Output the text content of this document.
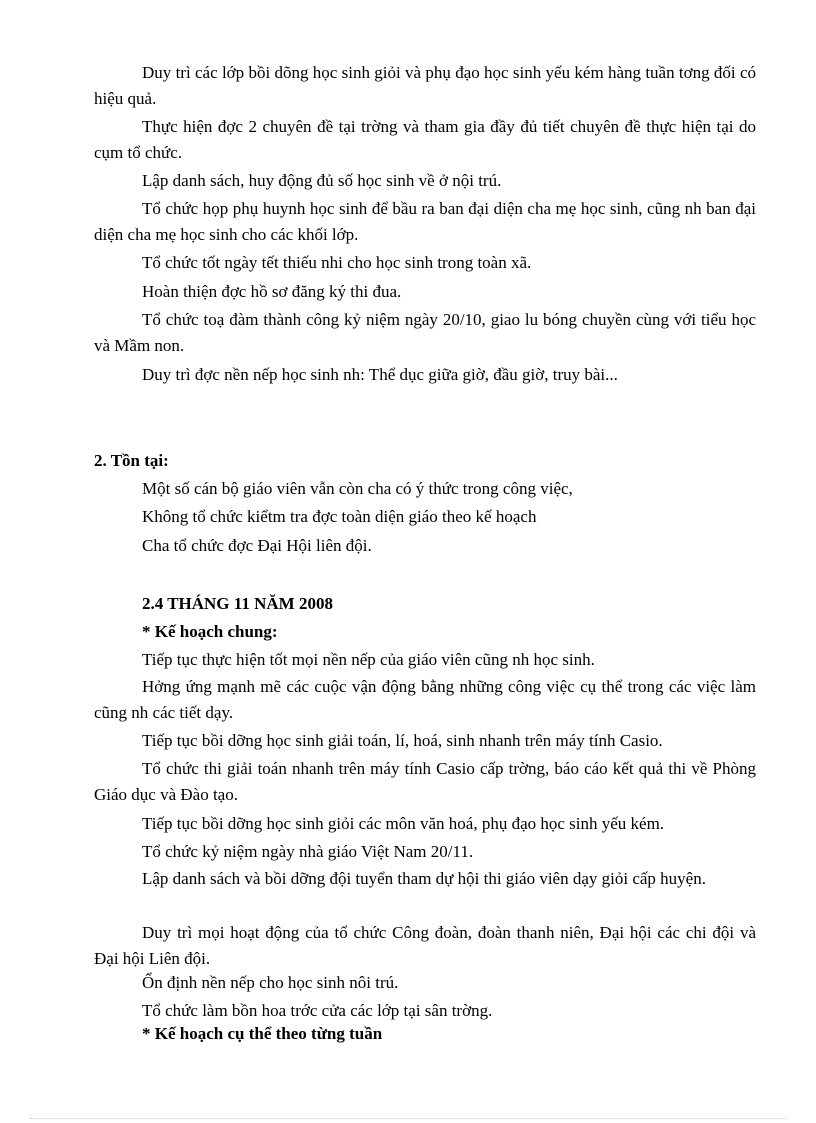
Duy trì các lớp bồi dõng học sinh giỏi và phụ đạo học sinh yếu kém hàng tuần tơng đối có hiệu quả.
Thực hiện đợc 2 chuyên đề tại trờng và tham gia đầy đủ tiết chuyên đề thực hiện tại do cụm tổ chức.
Lập danh sách, huy động đủ số học sinh về ở nội trú.
Tổ chức họp phụ huynh học sinh để bầu ra ban đại diện cha mẹ học sinh, cũng nh ban đại diện cha mẹ học sinh cho các khối lớp.
Tổ chức tốt ngày tết thiếu nhi cho học sinh trong toàn xã.
Hoàn thiện đợc hồ sơ đăng ký thi đua.
Tổ chức toạ đàm thành công kỷ niệm ngày 20/10, giao lu bóng chuyền cùng với tiểu học và Mầm non.
Duy trì đợc nền nếp học sinh nh: Thể dục giữa giờ, đầu giờ, truy bài...
2. Tồn tại:
Một số cán bộ giáo viên vẫn còn cha có ý thức trong công việc,
Không tổ chức kiểtm tra đợc toàn diện giáo theo kế hoạch
Cha tổ chức đợc Đại Hội liên đội.
2.4 THÁNG 11 NĂM 2008
* Kế hoạch chung:
Tiếp tục thực hiện tốt mọi nền nếp của giáo viên cũng nh học sinh.
Hởng ứng mạnh mẽ các cuộc vận động bằng những công việc cụ thể trong các việc làm cũng nh các tiết dạy.
Tiếp tục bồi dỡng học sinh giải toán, lí, hoá, sinh nhanh trên máy tính Casio.
Tổ chức thi giải toán nhanh trên máy tính Casio cấp trờng, báo cáo kết quả thi về Phòng Giáo dục và Đào tạo.
Tiếp tục bồi dỡng học sinh giỏi các môn văn hoá, phụ đạo học sinh yếu kém.
Tổ chức kỷ niệm ngày nhà giáo Việt Nam 20/11.
Lập danh sách và bồi dỡng đội tuyển tham dự hội thi giáo viên dạy giỏi cấp huyện.
Duy trì mọi hoạt động của tổ chức Công đoàn, đoàn thanh niên, Đại hội các chi đội và Đại hội Liên đội.
Ổn định nền nếp cho học sinh nôi trú.
Tổ chức làm bồn hoa trớc cửa các lớp tại sân trờng.
* Kế hoạch cụ thể theo từng tuần
